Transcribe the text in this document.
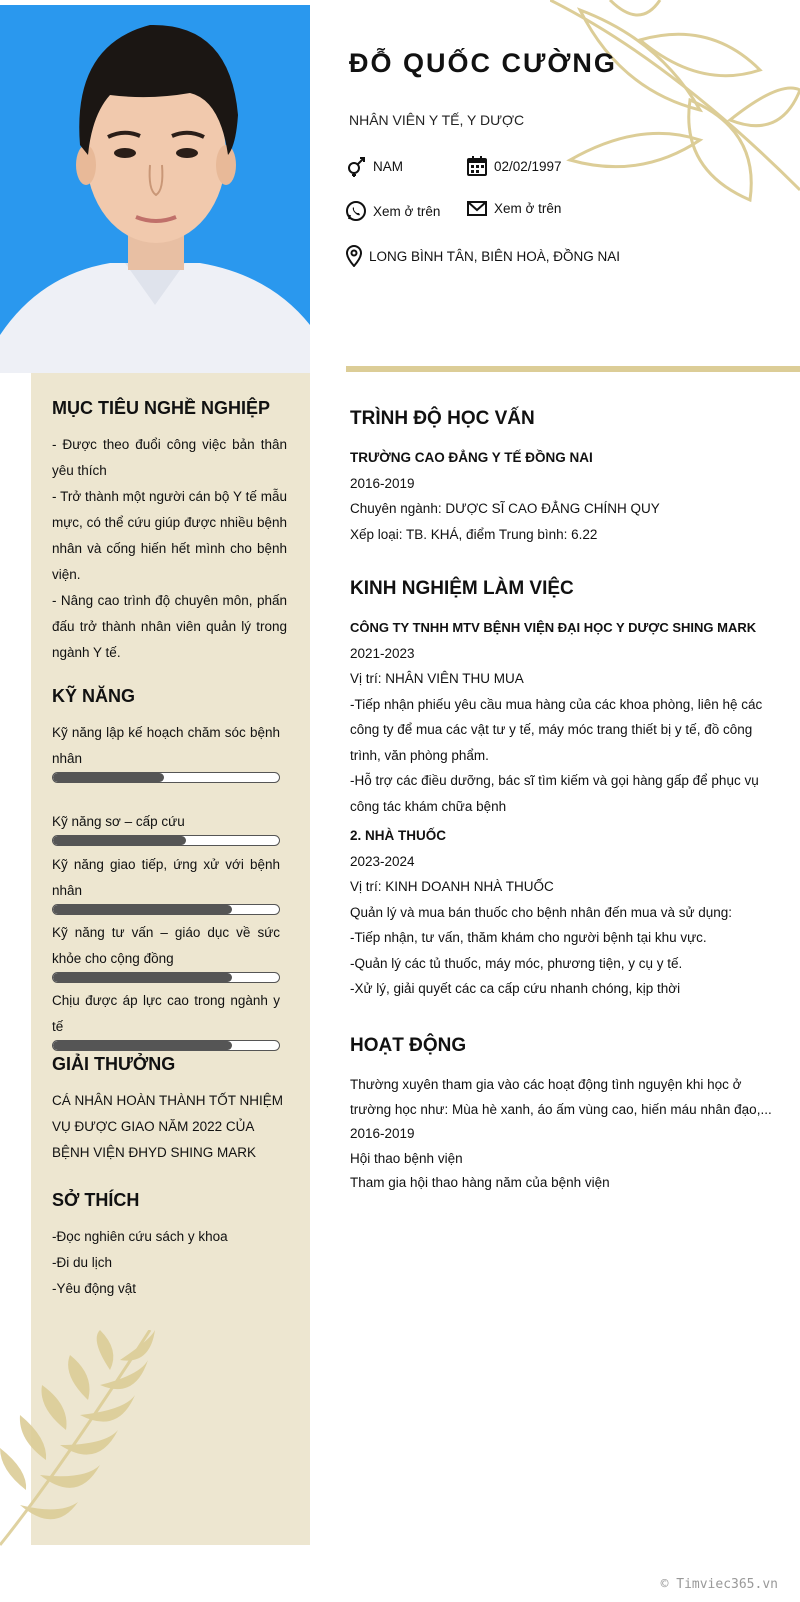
ĐỖ QUỐC CƯỜNG
NHÂN VIÊN Y TẾ, Y DƯỢC
NAM	02/02/1997
Xem ở trên	Xem ở trên
LONG BÌNH TÂN, BIÊN HOÀ, ĐỒNG NAI
MỤC TIÊU NGHỀ NGHIỆP
- Được theo đuổi công việc bản thân yêu thích
- Trở thành một người cán bộ Y tế mẫu mực, có thể cứu giúp được nhiều bệnh nhân và cống hiến hết mình cho bệnh viện.
- Nâng cao trình độ chuyên môn, phấn đấu trở thành nhân viên quản lý trong ngành Y tế.
KỸ NĂNG
Kỹ năng lập kế hoạch chăm sóc bệnh nhân
Kỹ năng sơ – cấp cứu
Kỹ năng giao tiếp, ứng xử với bệnh nhân
Kỹ năng tư vấn – giáo dục về sức khỏe cho cộng đồng
Chịu được áp lực cao trong ngành y tế
GIẢI THƯỞNG
CÁ NHÂN HOÀN THÀNH TỐT NHIỆM VỤ ĐƯỢC GIAO NĂM 2022 CỦA BỆNH VIỆN ĐHYD SHING MARK
SỞ THÍCH
-Đọc nghiên cứu sách y khoa
-Đi du lịch
-Yêu động vật
TRÌNH ĐỘ HỌC VẤN
TRƯỜNG CAO ĐẲNG Y TẾ ĐỒNG NAI
2016-2019
Chuyên ngành: DƯỢC SĨ CAO ĐẲNG CHÍNH QUY
Xếp loại: TB. KHÁ, điểm Trung bình: 6.22
KINH NGHIỆM LÀM VIỆC
CÔNG TY TNHH MTV BỆNH VIỆN ĐẠI HỌC Y DƯỢC SHING MARK
2021-2023
Vị trí: NHÂN VIÊN THU MUA
-Tiếp nhận phiếu yêu cầu mua hàng của các khoa phòng, liên hệ các công ty để mua các vật tư y tế, máy móc trang thiết bị y tế, đồ công trình, văn phòng phẩm.
-Hỗ trợ các điều dưỡng, bác sĩ tìm kiếm và gọi hàng gấp để phục vụ công tác khám chữa bệnh
2. NHÀ THUỐC
2023-2024
Vị trí: KINH DOANH NHÀ THUỐC
Quản lý và mua bán thuốc cho bệnh nhân đến mua và sử dụng:
-Tiếp nhận, tư vấn, thăm khám cho người bệnh tại khu vực.
-Quản lý các tủ thuốc, máy móc, phương tiện, y cụ y tế.
-Xử lý, giải quyết các ca cấp cứu nhanh chóng, kịp thời
HOẠT ĐỘNG
Thường xuyên tham gia vào các hoạt động tình nguyện khi học ở trường học như: Mùa hè xanh, áo ấm vùng cao, hiến máu nhân đạo,...
2016-2019
Hội thao bệnh viện
Tham gia hội thao hàng năm của bệnh viện
© Timviec365.vn
